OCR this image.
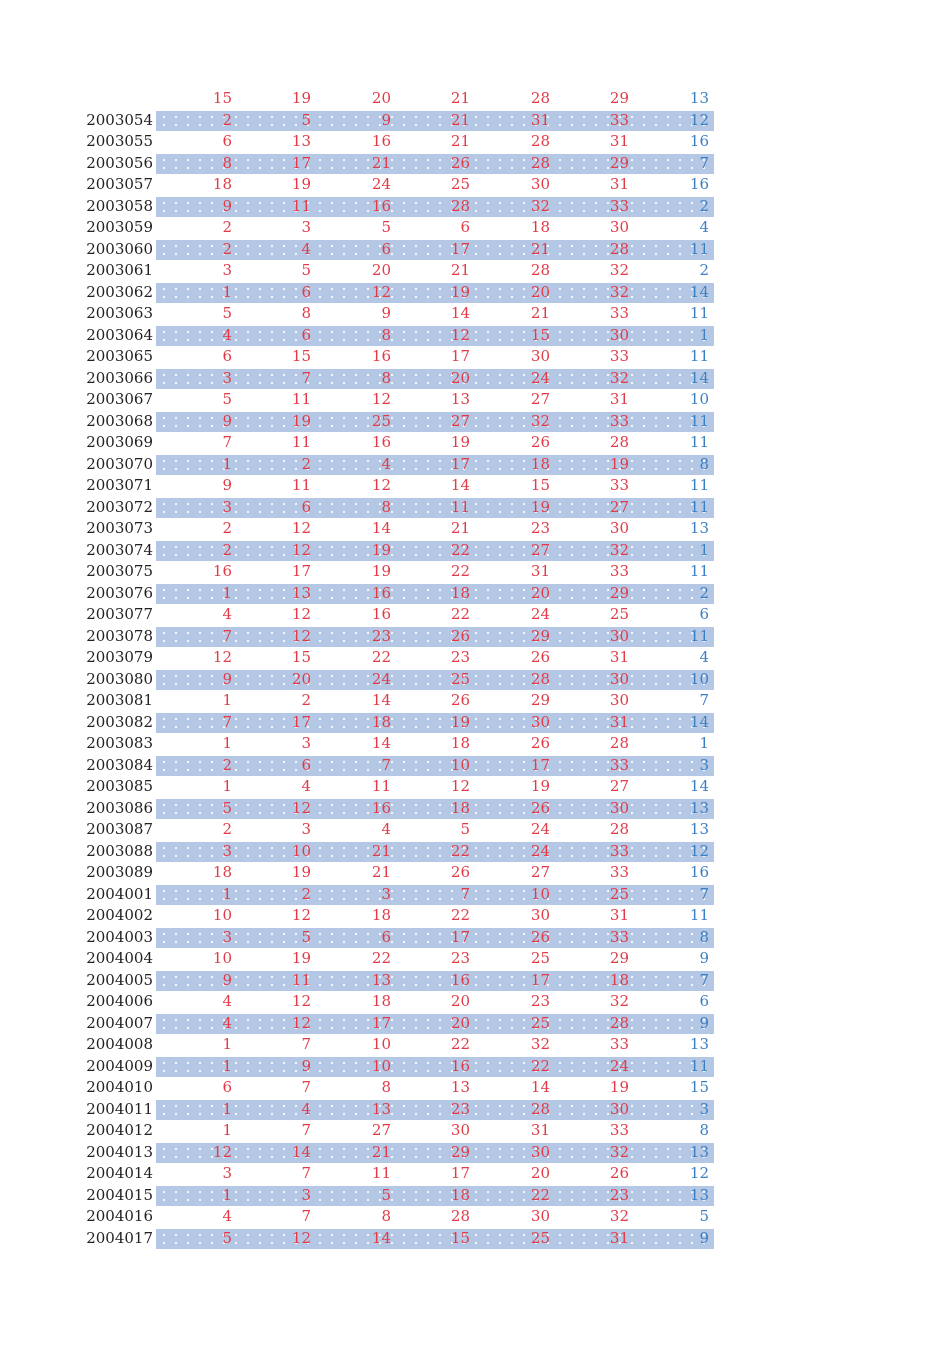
15	19	20	21	28	29	13
2003054	2	5	9	21	31	33	12
2003055	6	13	16	21	28	31	16
2003056	8	17	21	26	28	29	7
2003057	18	19	24	25	30	31	16
2003058	9	11	16	28	32	33	2
2003059	2	3	5	6	18	30	4
2003060	2	4	6	17	21	28	11
2003061	3	5	20	21	28	32	2
2003062	1	6	12	19	20	32	14
2003063	5	8	9	14	21	33	11
2003064	4	6	8	12	15	30	1
2003065	6	15	16	17	30	33	11
2003066	3	7	8	20	24	32	14
2003067	5	11	12	13	27	31	10
2003068	9	19	25	27	32	33	11
2003069	7	11	16	19	26	28	11
2003070	1	2	4	17	18	19	8
2003071	9	11	12	14	15	33	11
2003072	3	6	8	11	19	27	11
2003073	2	12	14	21	23	30	13
2003074	2	12	19	22	27	32	1
2003075	16	17	19	22	31	33	11
2003076	1	13	16	18	20	29	2
2003077	4	12	16	22	24	25	6
2003078	7	12	23	26	29	30	11
2003079	12	15	22	23	26	31	4
2003080	9	20	24	25	28	30	10
2003081	1	2	14	26	29	30	7
2003082	7	17	18	19	30	31	14
2003083	1	3	14	18	26	28	1
2003084	2	6	7	10	17	33	3
2003085	1	4	11	12	19	27	14
2003086	5	12	16	18	26	30	13
2003087	2	3	4	5	24	28	13
2003088	3	10	21	22	24	33	12
2003089	18	19	21	26	27	33	16
2004001	1	2	3	7	10	25	7
2004002	10	12	18	22	30	31	11
2004003	3	5	6	17	26	33	8
2004004	10	19	22	23	25	29	9
2004005	9	11	13	16	17	18	7
2004006	4	12	18	20	23	32	6
2004007	4	12	17	20	25	28	9
2004008	1	7	10	22	32	33	13
2004009	1	9	10	16	22	24	11
2004010	6	7	8	13	14	19	15
2004011	1	4	13	23	28	30	3
2004012	1	7	27	30	31	33	8
2004013	12	14	21	29	30	32	13
2004014	3	7	11	17	20	26	12
2004015	1	3	5	18	22	23	13
2004016	4	7	8	28	30	32	5
2004017	5	12	14	15	25	31	9
